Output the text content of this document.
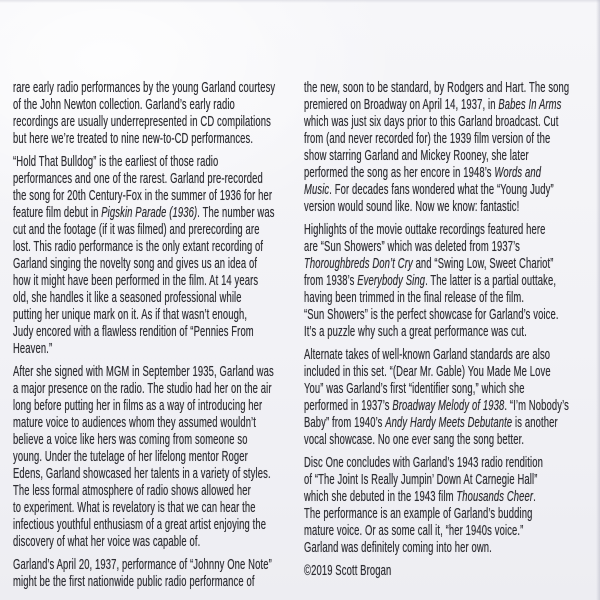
rare early radio performances by the young Garland courtesy
of the John Newton collection. Garland’s early radio
recordings are usually underrepresented in CD compilations
but here we’re treated to nine new-to-CD performances.
“Hold That Bulldog” is the earliest of those radio
performances and one of the rarest. Garland pre-recorded
the song for 20th Century-Fox in the summer of 1936 for her
feature film debut in Pigskin Parade (1936). The number was
cut and the footage (if it was filmed) and prerecording are
lost. This radio performance is the only extant recording of
Garland singing the novelty song and gives us an idea of
how it might have been performed in the film. At 14 years
old, she handles it like a seasoned professional while
putting her unique mark on it. As if that wasn’t enough,
Judy encored with a flawless rendition of “Pennies From
Heaven.”
After she signed with MGM in September 1935, Garland was
a major presence on the radio. The studio had her on the air
long before putting her in films as a way of introducing her
mature voice to audiences whom they assumed wouldn’t
believe a voice like hers was coming from someone so
young. Under the tutelage of her lifelong mentor Roger
Edens, Garland showcased her talents in a variety of styles.
The less formal atmosphere of radio shows allowed her
to experiment. What is revelatory is that we can hear the
infectious youthful enthusiasm of a great artist enjoying the
discovery of what her voice was capable of.
Garland’s April 20, 1937, performance of “Johnny One Note”
might be the first nationwide public radio performance of
the new, soon to be standard, by Rodgers and Hart. The song
premiered on Broadway on April 14, 1937, in Babes In Arms
which was just six days prior to this Garland broadcast. Cut
from (and never recorded for) the 1939 film version of the
show starring Garland and Mickey Rooney, she later
performed the song as her encore in 1948’s Words and
Music. For decades fans wondered what the “Young Judy”
version would sound like. Now we know: fantastic!
Highlights of the movie outtake recordings featured here
are “Sun Showers” which was deleted from 1937’s
Thoroughbreds Don’t Cry and “Swing Low, Sweet Chariot”
from 1938’s Everybody Sing. The latter is a partial outtake,
having been trimmed in the final release of the film.
“Sun Showers” is the perfect showcase for Garland’s voice.
It’s a puzzle why such a great performance was cut.
Alternate takes of well-known Garland standards are also
included in this set. “(Dear Mr. Gable) You Made Me Love
You” was Garland’s first “identifier song,” which she
performed in 1937’s Broadway Melody of 1938. “I’m Nobody’s
Baby” from 1940’s Andy Hardy Meets Debutante is another
vocal showcase. No one ever sang the song better.
Disc One concludes with Garland’s 1943 radio rendition
of “The Joint Is Really Jumpin’ Down At Carnegie Hall”
which she debuted in the 1943 film Thousands Cheer.
The performance is an example of Garland’s budding
mature voice. Or as some call it, “her 1940s voice.”
Garland was definitely coming into her own.
©2019 Scott Brogan
